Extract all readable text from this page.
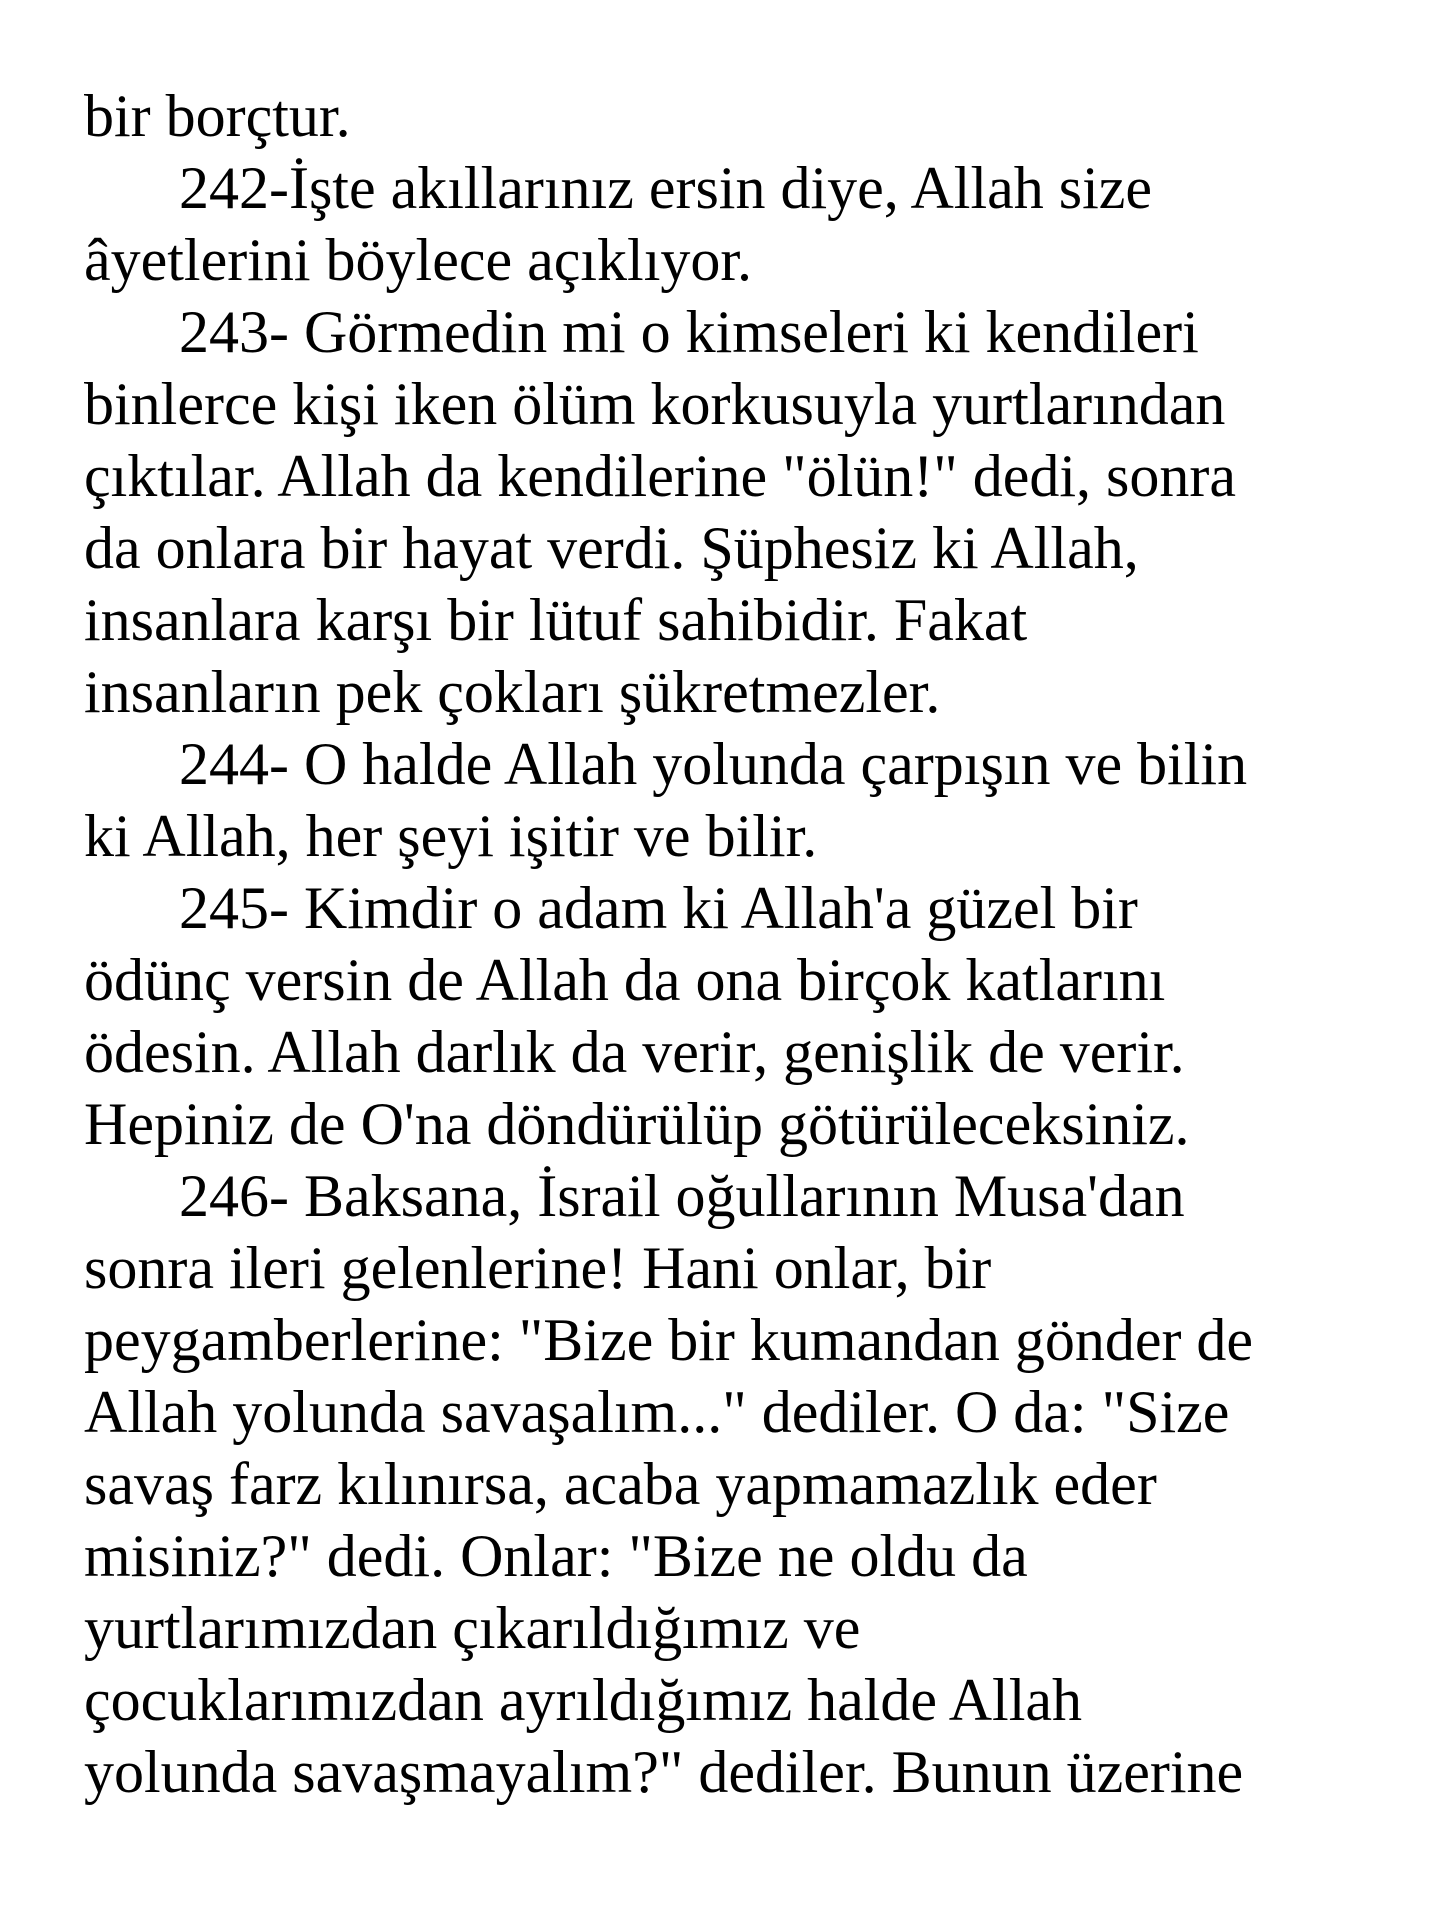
bir borçtur.
242-İşte akıllarınız ersin diye, Allah size
âyetlerini böylece açıklıyor.
243- Görmedin mi o kimseleri ki kendileri
binlerce kişi iken ölüm korkusuyla yurtlarından
çıktılar. Allah da kendilerine "ölün!" dedi, sonra
da onlara bir hayat verdi. Şüphesiz ki Allah,
insanlara karşı bir lütuf sahibidir. Fakat
insanların pek çokları şükretmezler.
244- O halde Allah yolunda çarpışın ve bilin
ki Allah, her şeyi işitir ve bilir.
245- Kimdir o adam ki Allah'a güzel bir
ödünç versin de Allah da ona birçok katlarını
ödesin. Allah darlık da verir, genişlik de verir.
Hepiniz de O'na döndürülüp götürüleceksiniz.
246- Baksana, İsrail oğullarının Musa'dan
sonra ileri gelenlerine! Hani onlar, bir
peygamberlerine: "Bize bir kumandan gönder de
Allah yolunda savaşalım..." dediler. O da: "Size
savaş farz kılınırsa, acaba yapmamazlık eder
misiniz?" dedi. Onlar: "Bize ne oldu da
yurtlarımızdan çıkarıldığımız ve
çocuklarımızdan ayrıldığımız halde Allah
yolunda savaşmayalım?" dediler. Bunun üzerine
